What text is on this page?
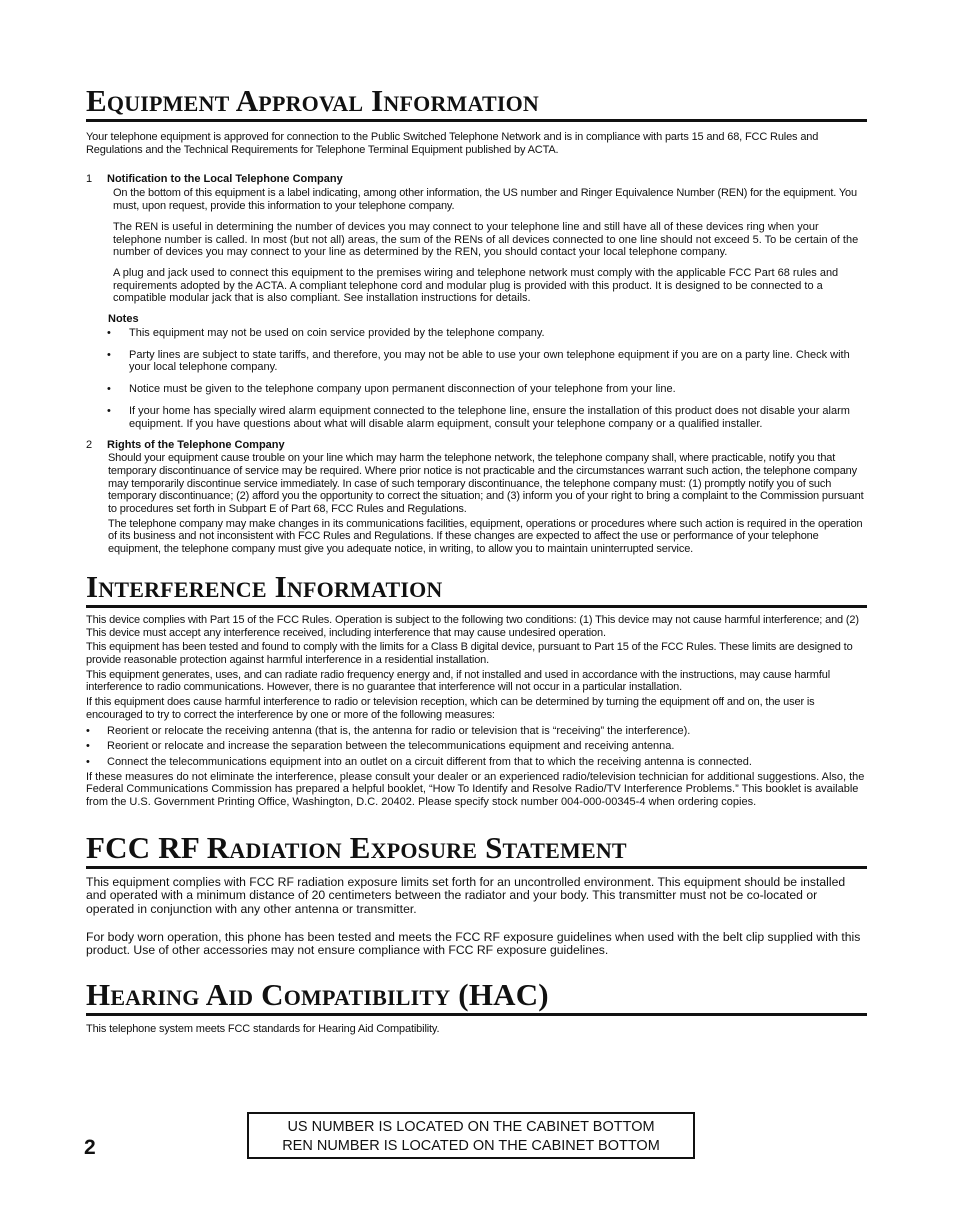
Equipment Approval Information

Your telephone equipment is approved for connection to the Public Switched Telephone Network and is in compliance with parts 15 and 68, FCC Rules and Regulations and the Technical Requirements for Telephone Terminal Equipment published by ACTA.

1 Notification to the Local Telephone Company

On the bottom of this equipment is a label indicating, among other information, the US number and Ringer Equivalence Number (REN) for the equipment. You must, upon request, provide this information to your telephone company.

The REN is useful in determining the number of devices you may connect to your telephone line and still have all of these devices ring when your telephone number is called. In most (but not all) areas, the sum of the RENs of all devices connected to one line should not exceed 5. To be certain of the number of devices you may connect to your line as determined by the REN, you should contact your local telephone company.

A plug and jack used to connect this equipment to the premises wiring and telephone network must comply with the applicable FCC Part 68 rules and requirements adopted by the ACTA. A compliant telephone cord and modular plug is provided with this product. It is designed to be connected to a compatible modular jack that is also compliant. See installation instructions for details.

Notes

•	This equipment may not be used on coin service provided by the telephone company.
•	Party lines are subject to state tariffs, and therefore, you may not be able to use your own telephone equipment if you are on a party line. Check with your local telephone company.
•	Notice must be given to the telephone company upon permanent disconnection of your telephone from your line.
•	If your home has specially wired alarm equipment connected to the telephone line, ensure the installation of this product does not disable your alarm equipment. If you have questions about what will disable alarm equipment, consult your telephone company or a qualified installer.

2 Rights of the Telephone Company

Should your equipment cause trouble on your line which may harm the telephone network, the telephone company shall, where practicable, notify you that temporary discontinuance of service may be required. Where prior notice is not practicable and the circumstances warrant such action, the telephone company may temporarily discontinue service immediately. In case of such temporary discontinuance, the telephone company must: (1) promptly notify you of such temporary discontinuance; (2) afford you the opportunity to correct the situation; and (3) inform you of your right to bring a complaint to the Commission pursuant to procedures set forth in Subpart E of Part 68, FCC Rules and Regulations.

The telephone company may make changes in its communications facilities, equipment, operations or procedures where such action is required in the operation of its business and not inconsistent with FCC Rules and Regulations. If these changes are expected to affect the use or performance of your telephone equipment, the telephone company must give you adequate notice, in writing, to allow you to maintain uninterrupted service.

Interference Information

This device complies with Part 15 of the FCC Rules. Operation is subject to the following two conditions: (1) This device may not cause harmful interference; and (2) This device must accept any interference received, including interference that may cause undesired operation.

This equipment has been tested and found to comply with the limits for a Class B digital device, pursuant to Part 15 of the FCC Rules. These limits are designed to provide reasonable protection against harmful interference in a residential installation.

This equipment generates, uses, and can radiate radio frequency energy and, if not installed and used in accordance with the instructions, may cause harmful interference to radio communications. However, there is no guarantee that interference will not occur in a particular installation.

If this equipment does cause harmful interference to radio or television reception, which can be determined by turning the equipment off and on, the user is encouraged to try to correct the interference by one or more of the following measures:

•	Reorient or relocate the receiving antenna (that is, the antenna for radio or television that is “receiving” the interference).
•	Reorient or relocate and increase the separation between the telecommunications equipment and receiving antenna.
•	Connect the telecommunications equipment into an outlet on a circuit different from that to which the receiving antenna is connected.

If these measures do not eliminate the interference, please consult your dealer or an experienced radio/television technician for additional suggestions. Also, the Federal Communications Commission has prepared a helpful booklet, “How To Identify and Resolve Radio/TV Interference Problems.” This booklet is available from the U.S. Government Printing Office, Washington, D.C. 20402. Please specify stock number 004-000-00345-4 when ordering copies.

FCC RF Radiation Exposure Statement

This equipment complies with FCC RF radiation exposure limits set forth for an uncontrolled environment. This equipment should be installed and operated with a minimum distance of 20 centimeters between the radiator and your body. This transmitter must not be co-located or operated in conjunction with any other antenna or transmitter.

For body worn operation, this phone has been tested and meets the FCC RF exposure guidelines when used with the belt clip supplied with this product. Use of other accessories may not ensure compliance with FCC RF exposure guidelines.

Hearing Aid Compatibility (HAC)

This telephone system meets FCC standards for Hearing Aid Compatibility.

US NUMBER IS LOCATED ON THE CABINET BOTTOM
REN NUMBER IS LOCATED ON THE CABINET BOTTOM
2
